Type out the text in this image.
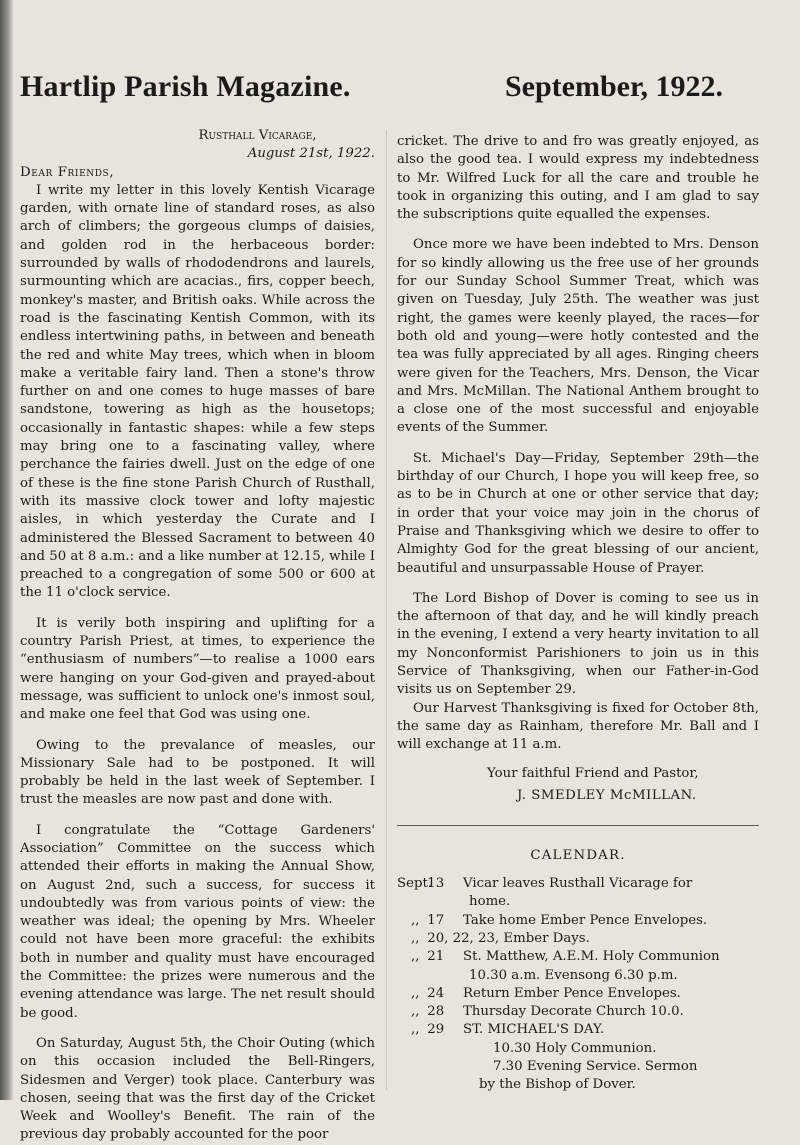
Hartlip Parish Magazine.	September, 1922.
Rusthall Vicarage,
August 21st, 1922.

Dear Friends,

I write my letter in this lovely Kentish Vicarage garden, with ornate line of standard roses, as also arch of climbers; the gorgeous clumps of daisies, and golden rod in the herbaceous border: surrounded by walls of rhododendrons and laurels, surmounting which are acacias., firs, copper beech, monkey's master, and British oaks. While across the road is the fascinating Kentish Common, with its endless intertwining paths, in between and beneath the red and white May trees, which when in bloom make a veritable fairy land. Then a stone's throw further on and one comes to huge masses of bare sandstone, towering as high as the housetops; occasionally in fantastic shapes: while a few steps may bring one to a fascinating valley, where perchance the fairies dwell. Just on the edge of one of these is the fine stone Parish Church of Rusthall, with its massive clock tower and lofty majestic aisles, in which yesterday the Curate and I administered the Blessed Sacrament to between 40 and 50 at 8 a.m.: and a like number at 12.15, while I preached to a congregation of some 500 or 600 at the 11 o'clock service.

It is verily both inspiring and uplifting for a country Parish Priest, at times, to experience the “enthusiasm of numbers”—to realise a 1000 ears were hanging on your God-given and prayed-about message, was sufficient to unlock one's inmost soul, and make one feel that God was using one.

Owing to the prevalance of measles, our Missionary Sale had to be postponed. It will probably be held in the last week of September. I trust the measles are now past and done with.

I congratulate the “Cottage Gardeners' Association” Committee on the success which attended their efforts in making the Annual Show, on August 2nd, such a success, for success it undoubtedly was from various points of view: the weather was ideal; the opening by Mrs. Wheeler could not have been more graceful: the exhibits both in number and quality must have encouraged the Committee: the prizes were numerous and the evening attendance was large. The net result should be good.

On Saturday, August 5th, the Choir Outing (which on this occasion included the Bell-Ringers, Sidesmen and Verger) took place. Canterbury was chosen, seeing that was the first day of the Cricket Week and Woolley's Benefit. The rain of the previous day probably accounted for the poor

cricket. The drive to and fro was greatly enjoyed, as also the good tea. I would express my indebtedness to Mr. Wilfred Luck for all the care and trouble he took in organizing this outing, and I am glad to say the subscriptions quite equalled the expenses.

Once more we have been indebted to Mrs. Denson for so kindly allowing us the free use of her grounds for our Sunday School Summer Treat, which was given on Tuesday, July 25th. The weather was just right, the games were keenly played, the races—for both old and young—were hotly contested and the tea was fully appreciated by all ages. Ringing cheers were given for the Teachers, Mrs. Denson, the Vicar and Mrs. McMillan. The National Anthem brought to a close one of the most successful and enjoyable events of the Summer.

St. Michael's Day—Friday, September 29th—the birthday of our Church, I hope you will keep free, so as to be in Church at one or other service that day; in order that your voice may join in the chorus of Praise and Thanksgiving which we desire to offer to Almighty God for the great blessing of our ancient, beautiful and unsurpassable House of Prayer.

The Lord Bishop of Dover is coming to see us in the afternoon of that day, and he will kindly preach in the evening, I extend a very hearty invitation to all my Nonconformist Parishioners to join us in this Service of Thanksgiving, when our Father-in-God visits us on September 29.

Our Harvest Thanksgiving is fixed for October 8th, the same day as Rainham, therefore Mr. Ball and I will exchange at 11 a.m.

Your faithful Friend and Pastor,
J. SMEDLEY McMILLAN.
CALENDAR.
Sept. 13	Vicar leaves Rusthall Vicarage for
home.
,, 17	Take home Ember Pence Envelopes.
,, 20, 22, 23, Ember Days.
,, 21	St. Matthew, A.E.M. Holy Communion
10.30 a.m. Evensong 6.30 p.m.
,, 24	Return Ember Pence Envelopes.
,, 28	Thursday Decorate Church 10.0.
,, 29	ST. MICHAEL'S DAY.
10.30 Holy Communion.
7.30 Evening Service. Sermon
by the Bishop of Dover.
